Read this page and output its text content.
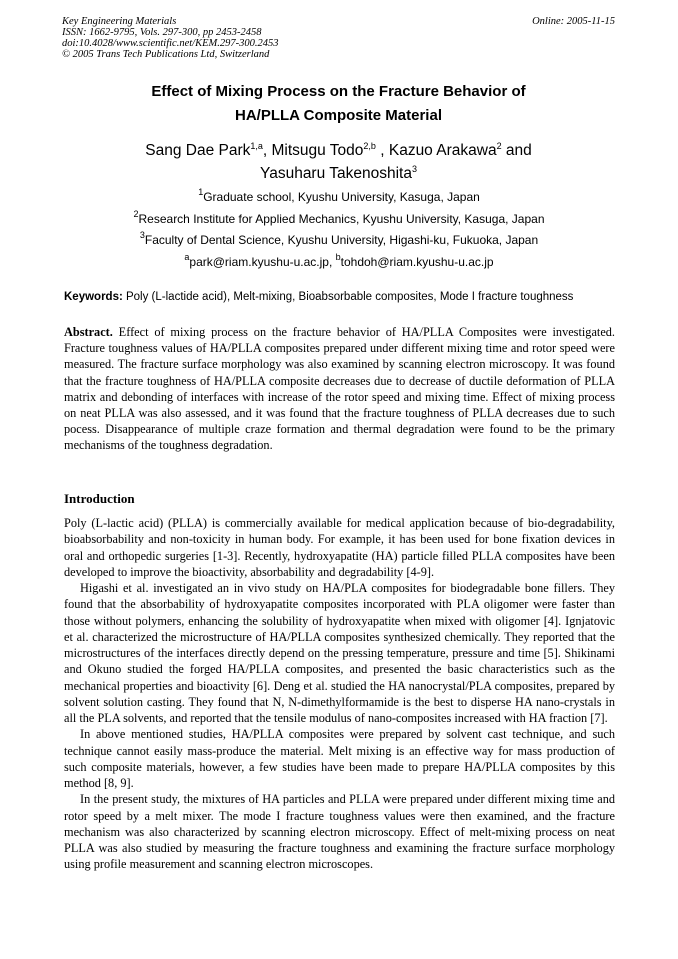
Key Engineering Materials
ISSN: 1662-9795, Vols. 297-300, pp 2453-2458
doi:10.4028/www.scientific.net/KEM.297-300.2453
© 2005 Trans Tech Publications Ltd, Switzerland
Online: 2005-11-15
Effect of Mixing Process on the Fracture Behavior of
HA/PLLA Composite Material
Sang Dae Park$^{1,a}$, Mitsugu Todo$^{2,b}$ , Kazuo Arakawa$^2$ and
Yasuharu Takenoshita$^3$
$^1$Graduate school, Kyushu University, Kasuga, Japan
$^2$Research Institute for Applied Mechanics, Kyushu University, Kasuga, Japan
$^3$Faculty of Dental Science, Kyushu University, Higashi-ku, Fukuoka, Japan
$^a$park@riam.kyushu-u.ac.jp, $^b$tohdoh@riam.kyushu-u.ac.jp
Keywords: Poly (L-lactide acid), Melt-mixing, Bioabsorbable composites, Mode I fracture toughness
Abstract. Effect of mixing process on the fracture behavior of HA/PLLA Composites were investigated. Fracture toughness values of HA/PLLA composites prepared under different mixing time and rotor speed were measured. The fracture surface morphology was also examined by scanning electron microscopy. It was found that the fracture toughness of HA/PLLA composite decreases due to decrease of ductile deformation of PLLA matrix and debonding of interfaces with increase of the rotor speed and mixing time. Effect of mixing process on neat PLLA was also assessed, and it was found that the fracture toughness of PLLA decreases due to such pocess. Disappearance of multiple craze formation and thermal degradation were found to be the primary mechanisms of the toughness degradation.
Introduction

Poly (L-lactic acid) (PLLA) is commercially available for medical application because of bio-degradability, bioabsorbability and non-toxicity in human body. For example, it has been used for bone fixation devices in oral and orthopedic surgeries [1-3]. Recently, hydroxyapatite (HA) particle filled PLLA composites have been developed to improve the bioactivity, absorbability and degradability [4-9].

Higashi et al. investigated an in vivo study on HA/PLA composites for biodegradable bone fillers. They found that the absorbability of hydroxyapatite composites incorporated with PLA oligomer were faster than those without polymers, enhancing the solubility of hydroxyapatite when mixed with oligomer [4]. Ignjatovic et al. characterized the microstructure of HA/PLLA composites synthesized chemically. They reported that the microstructures of the interfaces directly depend on the pressing temperature, pressure and time [5]. Shikinami and Okuno studied the forged HA/PLLA composites, and presented the basic characteristics such as the mechanical properties and bioactivity [6]. Deng et al. studied the HA nanocrystal/PLA composites, prepared by solvent solution casting. They found that N, N-dimethylformamide is the best to disperse HA nano-crystals in all the PLA solvents, and reported that the tensile modulus of nano-composites increased with HA fraction [7].

In above mentioned studies, HA/PLLA composites were prepared by solvent cast technique, and such technique cannot easily mass-produce the material. Melt mixing is an effective way for mass production of such composite materials, however, a few studies have been made to prepare HA/PLLA composites by this method [8, 9].

In the present study, the mixtures of HA particles and PLLA were prepared under different mixing time and rotor speed by a melt mixer. The mode I fracture toughness values were then examined, and the fracture mechanism was also characterized by scanning electron microscopy. Effect of melt-mixing process on neat PLLA was also studied by measuring the fracture toughness and examining the fracture surface morphology using profile measurement and scanning electron microscopes.
